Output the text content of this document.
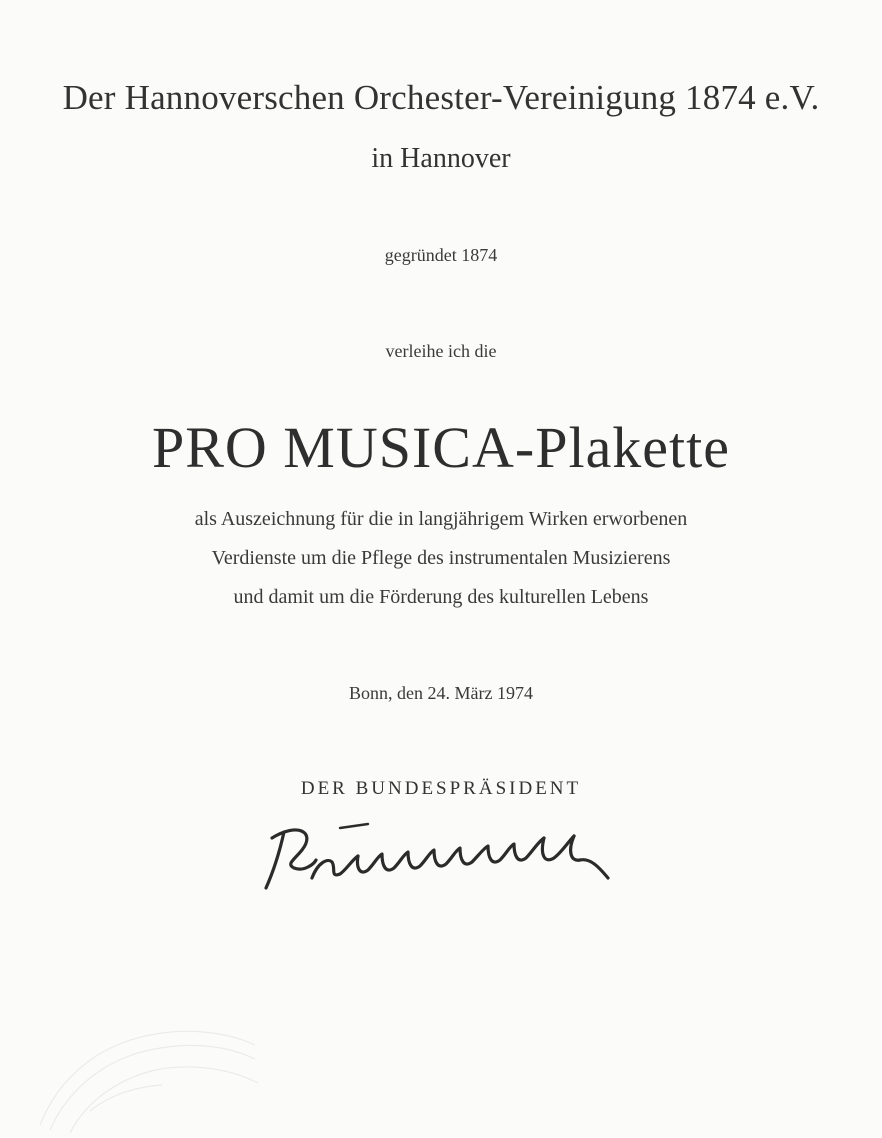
Der Hannoverschen Orchester-Vereinigung 1874 e.V.
in Hannover
gegründet 1874
verleihe ich die
PRO MUSICA-Plakette
als Auszeichnung für die in langjährigem Wirken erworbenen
Verdienste um die Pflege des instrumentalen Musizierens
und damit um die Förderung des kulturellen Lebens
Bonn, den 24. März 1974
DER BUNDESPRÄSIDENT
